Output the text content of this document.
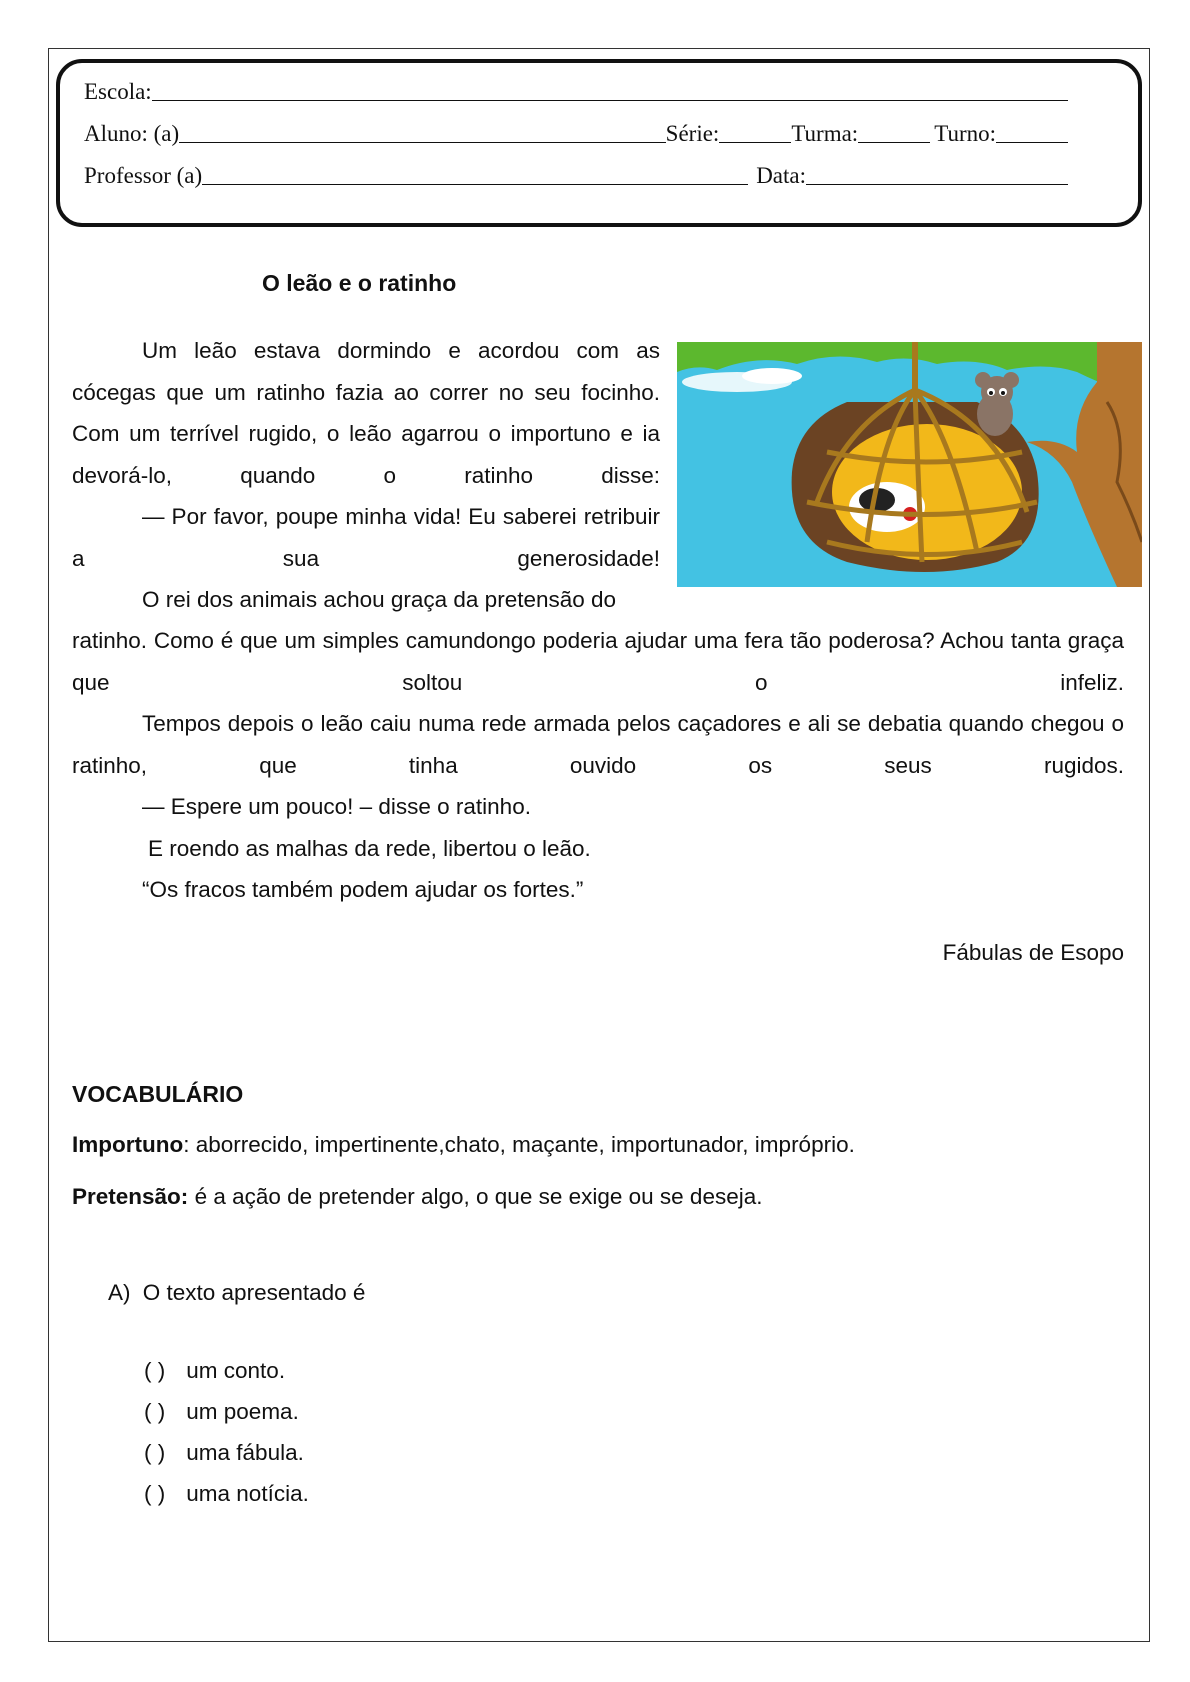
Escola:
Aluno: (a)	Série:	Turma:	Turno:
Professor (a)	Data:
O leão e o ratinho
Um leão estava dormindo e acordou com as cócegas que um ratinho fazia ao correr no seu focinho. Com um terrível rugido, o leão agarrou o importuno e ia devorá-lo, quando o ratinho disse:
— Por favor, poupe minha vida! Eu saberei retribuir a sua generosidade!
O rei dos animais achou graça da pretensão do
ratinho. Como é que um simples camundongo poderia ajudar uma fera tão poderosa? Achou tanta graça que soltou o infeliz.
Tempos depois o leão caiu numa rede armada pelos caçadores e ali se debatia quando chegou o ratinho, que tinha ouvido os seus rugidos.
— Espere um pouco! – disse o ratinho.
E roendo as malhas da rede, libertou o leão.
“Os fracos também podem ajudar os fortes.”
Fábulas de Esopo
VOCABULÁRIO
Importuno: aborrecido, impertinente,chato, maçante, importunador, impróprio.
Pretensão: é a ação de pretender algo, o que se exige ou se deseja.
A) O texto apresentado é
( ) um conto.
( ) um poema.
( ) uma fábula.
( ) uma notícia.
